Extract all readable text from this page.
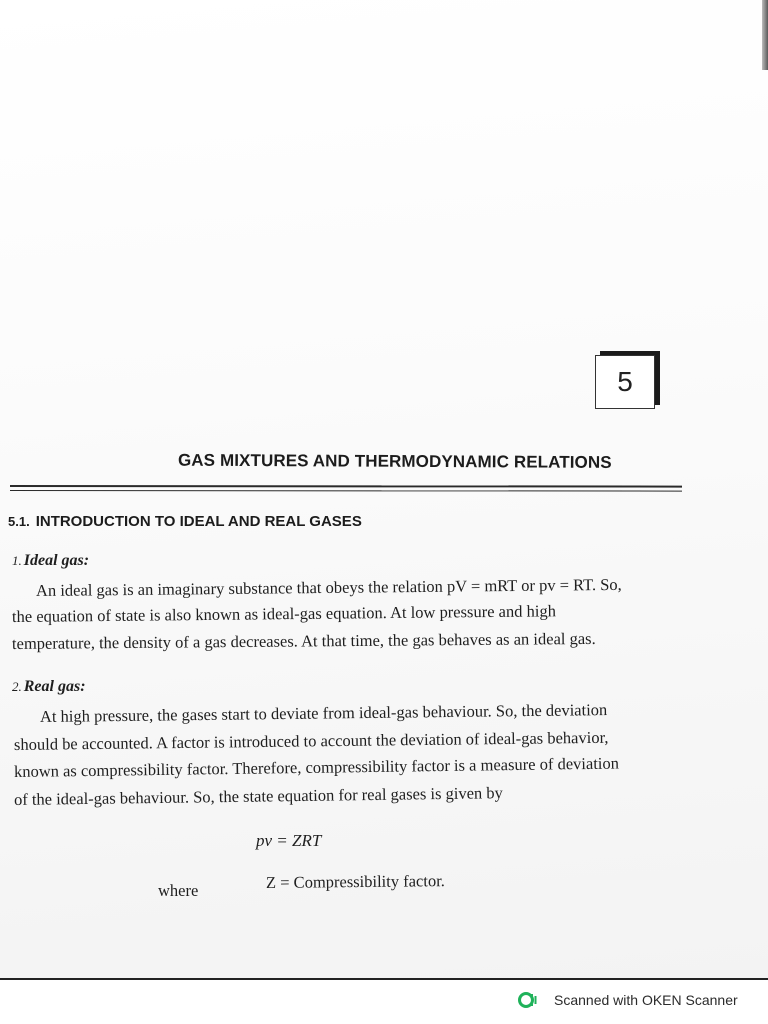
5
GAS MIXTURES AND THERMODYNAMIC RELATIONS
5.1. INTRODUCTION TO IDEAL AND REAL GASES
1. Ideal gas:
An ideal gas is an imaginary substance that obeys the relation pV = mRT or pv = RT. So,
the equation of state is also known as ideal-gas equation. At low pressure and high
temperature, the density of a gas decreases. At that time, the gas behaves as an ideal gas.
2. Real gas:
At high pressure, the gases start to deviate from ideal-gas behaviour. So, the deviation
should be accounted. A factor is introduced to account the deviation of ideal-gas behavior,
known as compressibility factor. Therefore, compressibility factor is a measure of deviation
of the ideal-gas behaviour. So, the state equation for real gases is given by
pv = ZRT
where	Z = Compressibility factor.
Scanned with OKEN Scanner
